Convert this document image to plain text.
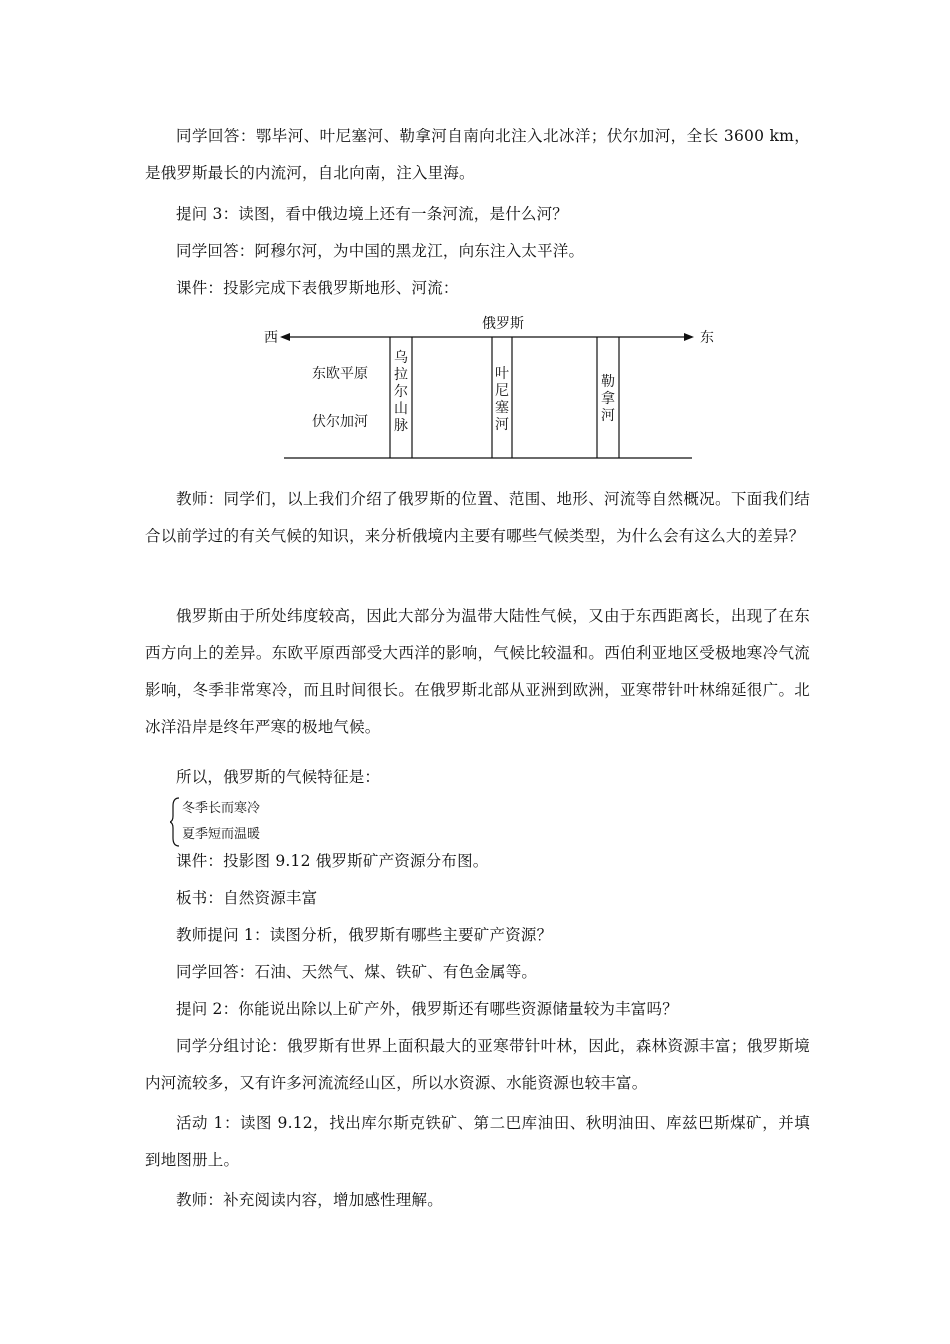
同学回答：鄂毕河、叶尼塞河、勒拿河自南向北注入北冰洋；伏尔加河，全长 3600 km，是俄罗斯最长的内流河，自北向南，注入里海。

提问 3：读图，看中俄边境上还有一条河流，是什么河？

同学回答：阿穆尔河，为中国的黑龙江，向东注入太平洋。

课件：投影完成下表俄罗斯地形、河流：

俄罗斯
西	东
东欧平原
伏尔加河
乌
拉
尔
山
脉
叶
尼
塞
河
勒
拿
河

教师：同学们，以上我们介绍了俄罗斯的位置、范围、地形、河流等自然概况。下面我们结合以前学过的有关气候的知识，来分析俄境内主要有哪些气候类型，为什么会有这么大的差异？

俄罗斯由于所处纬度较高，因此大部分为温带大陆性气候，又由于东西距离长，出现了在东西方向上的差异。东欧平原西部受大西洋的影响，气候比较温和。西伯利亚地区受极地寒冷气流影响，冬季非常寒冷，而且时间很长。在俄罗斯北部从亚洲到欧洲，亚寒带针叶林绵延很广。北冰洋沿岸是终年严寒的极地气候。

所以，俄罗斯的气候特征是：

冬季长而寒冷
夏季短而温暖

课件：投影图 9.12 俄罗斯矿产资源分布图。

板书：自然资源丰富

教师提问 1：读图分析，俄罗斯有哪些主要矿产资源？

同学回答：石油、天然气、煤、铁矿、有色金属等。

提问 2：你能说出除以上矿产外，俄罗斯还有哪些资源储量较为丰富吗？

同学分组讨论：俄罗斯有世界上面积最大的亚寒带针叶林，因此，森林资源丰富；俄罗斯境内河流较多，又有许多河流流经山区，所以水资源、水能资源也较丰富。

活动 1：读图 9.12，找出库尔斯克铁矿、第二巴库油田、秋明油田、库兹巴斯煤矿，并填到地图册上。

教师：补充阅读内容，增加感性理解。
